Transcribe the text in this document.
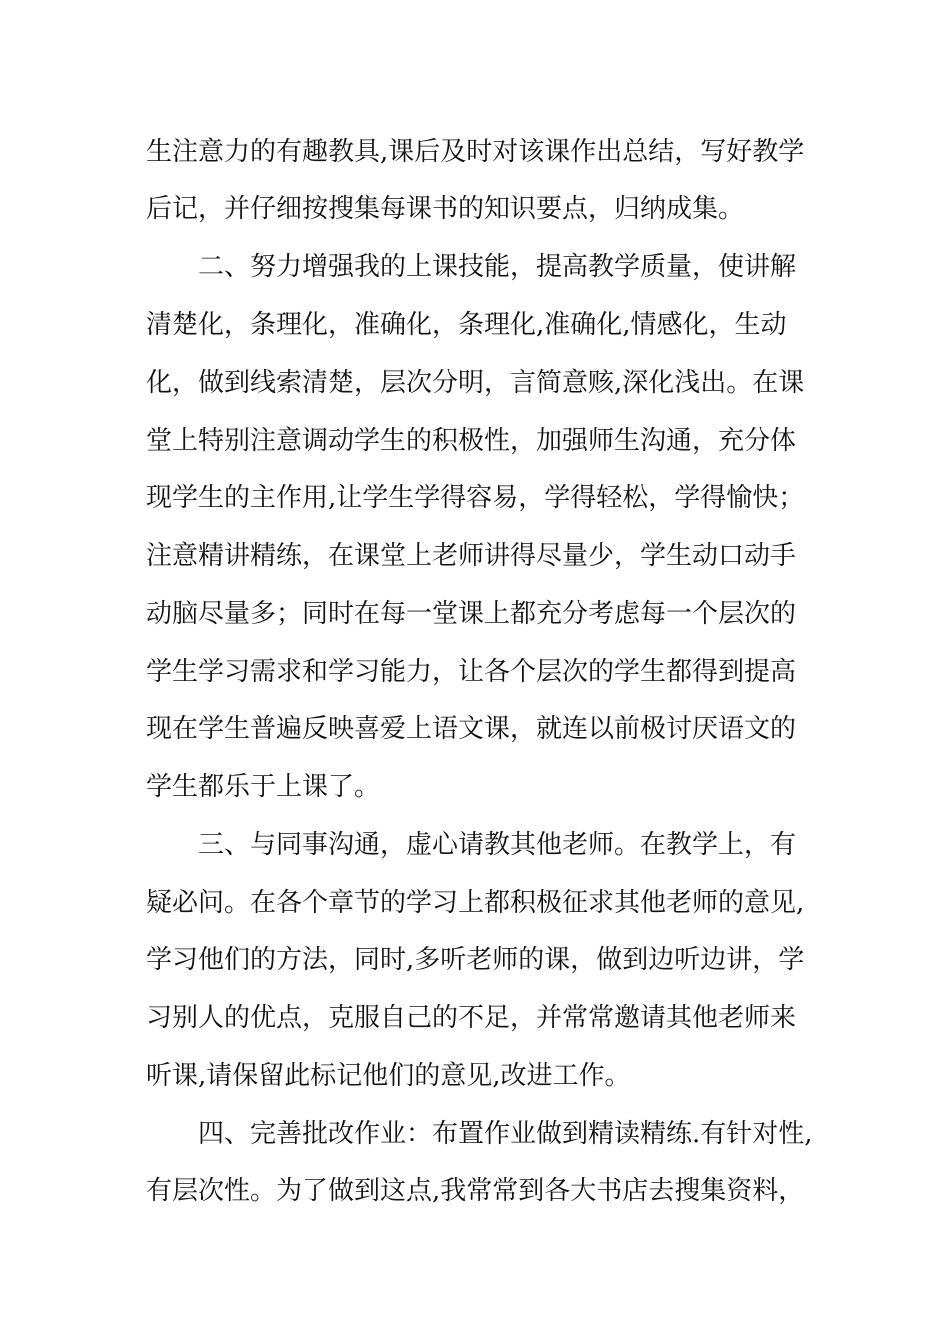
生注意力的有趣教具,课后及时对该课作出总结，写好教学
后记，并仔细按搜集每课书的知识要点，归纳成集。
二、努力增强我的上课技能，提高教学质量，使讲解
清楚化，条理化，准确化，条理化,准确化,情感化，生动
化，做到线索清楚，层次分明，言简意赅,深化浅出。在课
堂上特别注意调动学生的积极性，加强师生沟通，充分体
现学生的主作用,让学生学得容易，学得轻松，学得愉快；
注意精讲精练，在课堂上老师讲得尽量少，学生动口动手
动脑尽量多；同时在每一堂课上都充分考虑每一个层次的
学生学习需求和学习能力，让各个层次的学生都得到提高
现在学生普遍反映喜爱上语文课，就连以前极讨厌语文的
学生都乐于上课了。
三、与同事沟通，虚心请教其他老师。在教学上，有
疑必问。在各个章节的学习上都积极征求其他老师的意见,
学习他们的方法，同时,多听老师的课，做到边听边讲，学
习别人的优点，克服自己的不足，并常常邀请其他老师来
听课,请保留此标记他们的意见,改进工作。
四、完善批改作业：布置作业做到精读精练.有针对性,
有层次性。为了做到这点,我常常到各大书店去搜集资料，
